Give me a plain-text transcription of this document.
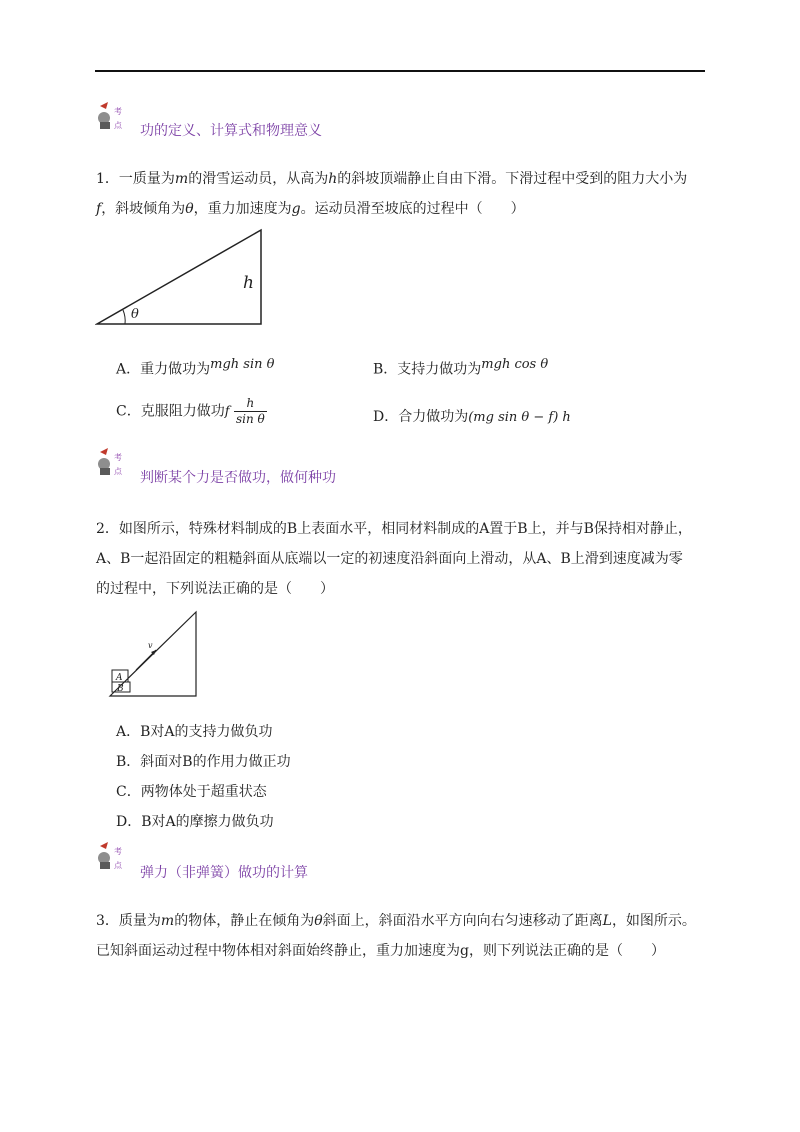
考
点 功的定义、计算式和物理意义
1．一质量为m的滑雪运动员，从高为h的斜坡顶端静止自由下滑。下滑过程中受到的阻力大小为
f，斜坡倾角为θ，重力加速度为g。运动员滑至坡底的过程中（　　）
θ
h
A．重力做功为$^{mgh sin \theta}$	B．支持力做功为$^{mgh cos \theta}$
C．克服阻力做功f $\frac{h}{\text{sin θ}}$	D．合力做功为(mg sin θ − f) h
考
点 判断某个力是否做功，做何种功
2．如图所示，特殊材料制成的B上表面水平，相同材料制成的A置于B上，并与B保持相对静止，
A、B一起沿固定的粗糙斜面从底端以一定的初速度沿斜面向上滑动，从A、B上滑到速度减为零
的过程中，下列说法正确的是（　　）
A
B
v
A．B对A的支持力做负功
B．斜面对B的作用力做正功
C．两物体处于超重状态
D．B对A的摩擦力做负功
考
点 弹力（非弹簧）做功的计算
3．质量为m的物体，静止在倾角为θ斜面上，斜面沿水平方向向右匀速移动了距离L，如图所示。
已知斜面运动过程中物体相对斜面始终静止，重力加速度为g，则下列说法正确的是（　　）
